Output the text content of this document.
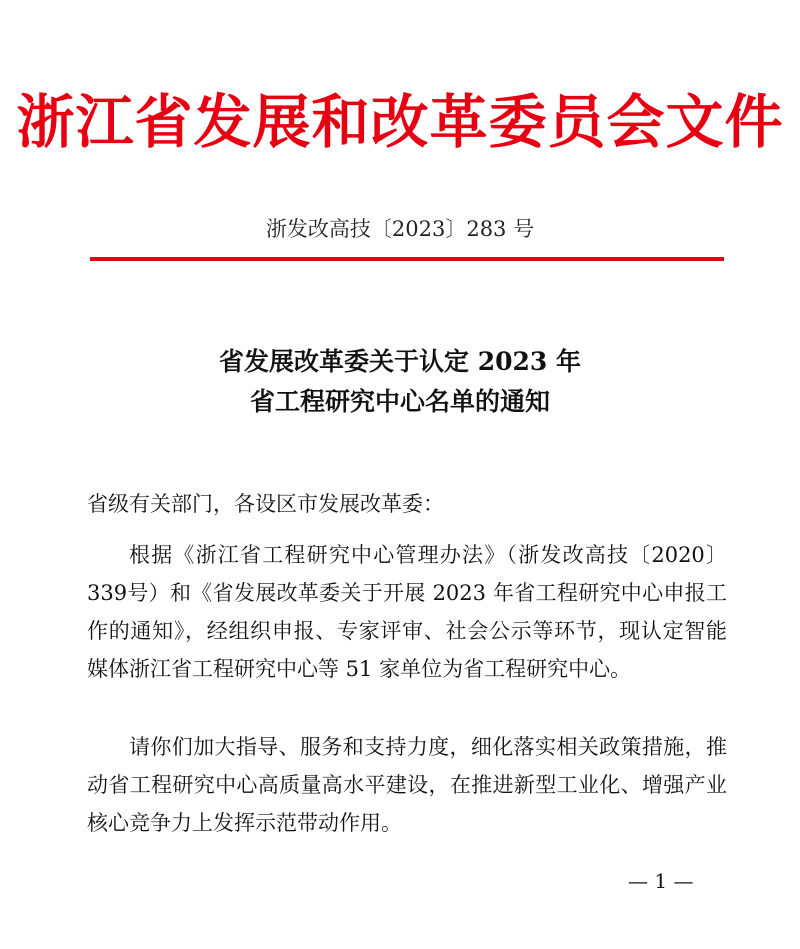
浙江省发展和改革委员会文件
浙发改高技〔2023〕283 号
省发展改革委关于认定 2023 年
省工程研究中心名单的通知
省级有关部门，各设区市发展改革委：

根据《浙江省工程研究中心管理办法》（浙发改高技〔2020〕339号）和《省发展改革委关于开展 2023 年省工程研究中心申报工作的通知》，经组织申报、专家评审、社会公示等环节，现认定智能媒体浙江省工程研究中心等 51 家单位为省工程研究中心。

请你们加大指导、服务和支持力度，细化落实相关政策措施，推动省工程研究中心高质量高水平建设，在推进新型工业化、增强产业核心竞争力上发挥示范带动作用。

— 1 —
